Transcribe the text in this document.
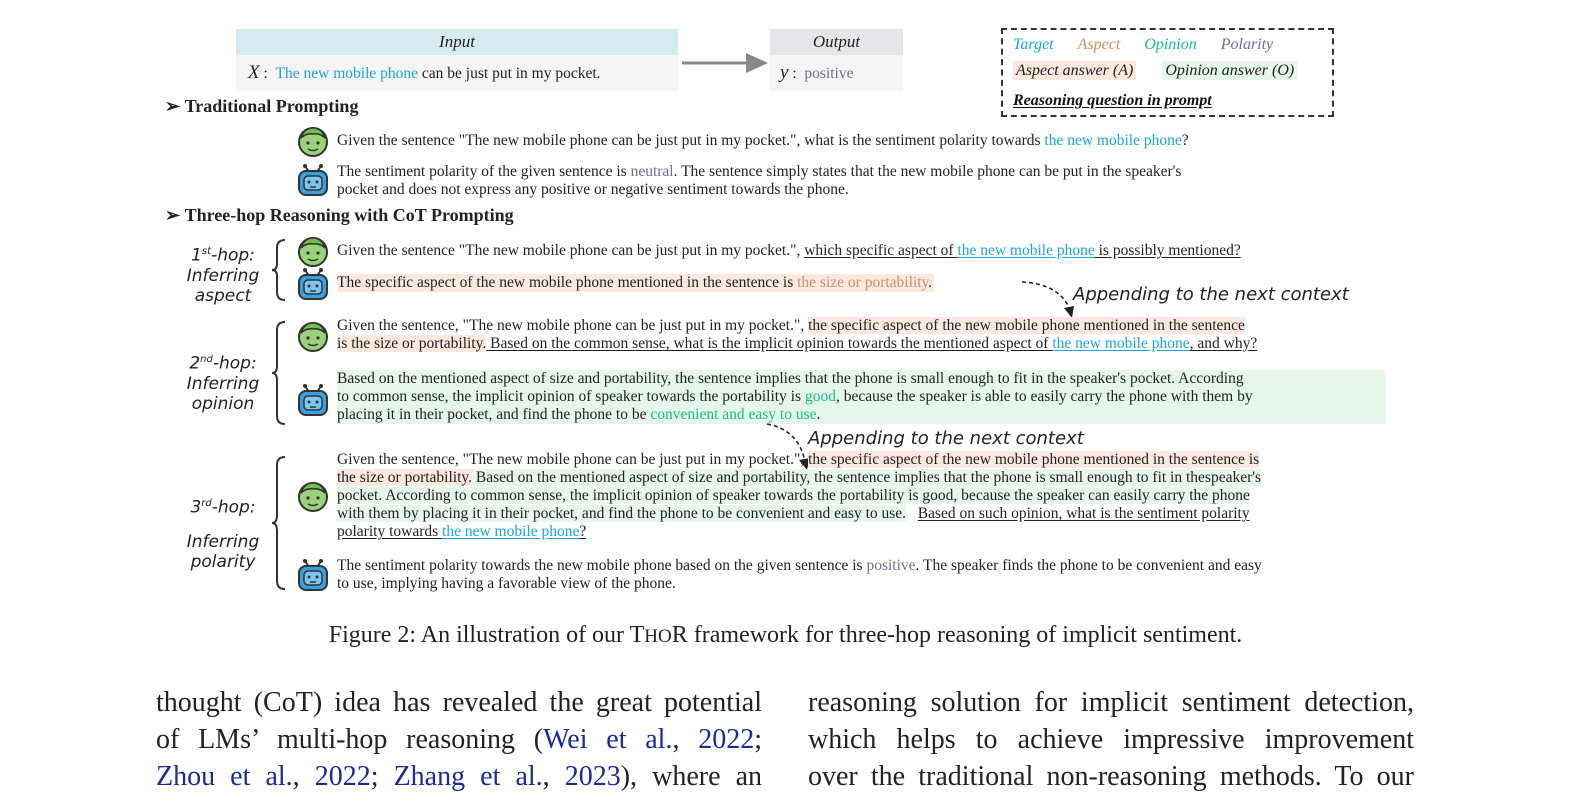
Input
X : The new mobile phone can be just put in my pocket.
Output
y : positive
Target Aspect Opinion Polarity
Aspect answer (A) Opinion answer (O)
Reasoning question in prompt
➢ Traditional Prompting
Given the sentence "The new mobile phone can be just put in my pocket.", what is the sentiment polarity towards the new mobile phone?
The sentiment polarity of the given sentence is neutral. The sentence simply states that the new mobile phone can be put in the speaker's
pocket and does not express any positive or negative sentiment towards the phone.
➢ Three-hop Reasoning with CoT Prompting
1st-hop:
Inferring
aspect
Given the sentence "The new mobile phone can be just put in my pocket.", which specific aspect of the new mobile phone is possibly mentioned?
The specific aspect of the new mobile phone mentioned in the sentence is the size or portability.
Appending to the next context
2nd-hop:
Inferring
opinion
Given the sentence, "The new mobile phone can be just put in my pocket.", the specific aspect of the new mobile phone mentioned in the sentence
is the size or portability. Based on the common sense, what is the implicit opinion towards the mentioned aspect of the new mobile phone, and why?
Based on the mentioned aspect of size and portability, the sentence implies that the phone is small enough to fit in the speaker's pocket. According
to common sense, the implicit opinion of speaker towards the portability is good, because the speaker is able to easily carry the phone with them by
placing it in their pocket, and find the phone to be convenient and easy to use.
Appending to the next context
3rd-hop:
Inferring
polarity
Given the sentence, "The new mobile phone can be just put in my pocket.", the specific aspect of the new mobile phone mentioned in the sentence is
the size or portability. Based on the mentioned aspect of size and portability, the sentence implies that the phone is small enough to fit in thespeaker's
pocket. According to common sense, the implicit opinion of speaker towards the portability is good, because the speaker can easily carry the phone
with them by placing it in their pocket, and find the phone to be convenient and easy to use. Based on such opinion, what is the sentiment polarity
polarity towards the new mobile phone?
The sentiment polarity towards the new mobile phone based on the given sentence is positive. The speaker finds the phone to be convenient and easy
to use, implying having a favorable view of the phone.
Figure 2: An illustration of our THOR framework for three-hop reasoning of implicit sentiment.
thought (CoT) idea has revealed the great potential
of LMs’ multi-hop reasoning (Wei et al., 2022;
Zhou et al., 2022; Zhang et al., 2023), where an
reasoning solution for implicit sentiment detection,
which helps to achieve impressive improvement
over the traditional non-reasoning methods. To our
